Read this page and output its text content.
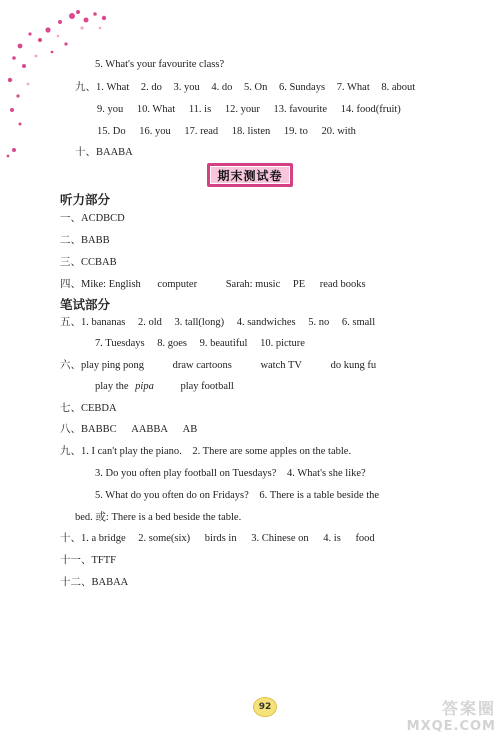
5. What's your favourite class?
九、1. What 2. do 3. you 4. do 5. On 6. Sundays 7. What 8. about
9. you 10. What 11. is 12. your 13. favourite 14. food(fruit)
15. Do 16. you 17. read 18. listen 19. to 20. with
十、BAABA
期末测试卷
听力部分
一、ACDBCD
二、BABB
三、CCBAB
四、Mike: English computer	Sarah: music PE read books
笔试部分
五、1. bananas 2. old 3. tall(long) 4. sandwiches 5. no 6. small
7. Tuesdays 8. goes 9. beautiful 10. picture
六、play ping pong	draw cartoons	watch TV	do kung fu
play the pipa	play football
七、CEBDA
八、BABBC AABBA AB
九、1. I can't play the piano. 2. There are some apples on the table.
3. Do you often play football on Tuesdays? 4. What's she like?
5. What do you often do on Fridays? 6. There is a table beside the
bed. 或: There is a bed beside the table.
十、1. a bridge 2. some(six) birds in 3. Chinese on 4. is food
十一、TFTF
十二、BABAA
92	答案圈
MXQE.COM
